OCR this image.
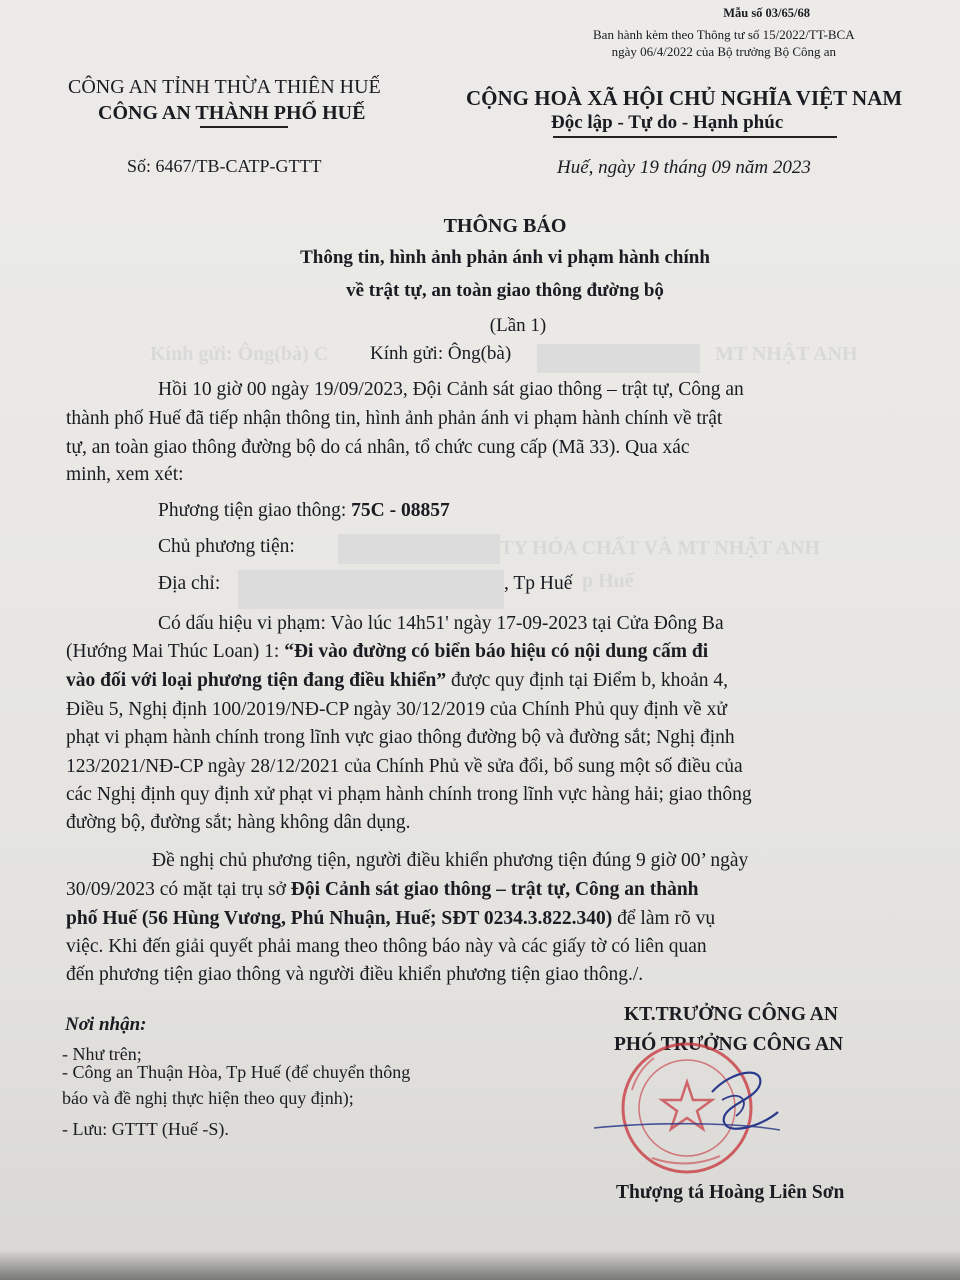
Kính gửi: Ông(bà) C	MT NHẬT ANH
TY HÓA CHẤT VÀ MT NHẬT ANH
p Huế
Mẫu số 03/65/68
Ban hành kèm theo Thông tư số 15/2022/TT-BCA
ngày 06/4/2022 của Bộ trưởng Bộ Công an
CÔNG AN TỈNH THỪA THIÊN HUẾ
CÔNG AN THÀNH PHỐ HUẾ
CỘNG HOÀ XÃ HỘI CHỦ NGHĨA VIỆT NAM
Độc lập - Tự do - Hạnh phúc
Số: 6467/TB-CATP-GTTT	Huế, ngày 19 tháng 09 năm 2023
THÔNG BÁO
Thông tin, hình ảnh phản ánh vi phạm hành chính
về trật tự, an toàn giao thông đường bộ
(Lần 1)
Kính gửi: Ông(bà)
Hồi 10 giờ 00 ngày 19/09/2023, Đội Cảnh sát giao thông – trật tự, Công an
thành phố Huế đã tiếp nhận thông tin, hình ảnh phản ánh vi phạm hành chính về trật
tự, an toàn giao thông đường bộ do cá nhân, tổ chức cung cấp (Mã 33). Qua xác
minh, xem xét:
Phương tiện giao thông: 75C - 08857
Chủ phương tiện:
Địa chỉ:	, Tp Huế
Có dấu hiệu vi phạm: Vào lúc 14h51' ngày 17-09-2023 tại Cửa Đông Ba
(Hướng Mai Thúc Loan) 1: “Đi vào đường có biển báo hiệu có nội dung cấm đi
vào đối với loại phương tiện đang điều khiển” được quy định tại Điểm b, khoản 4,
Điều 5, Nghị định 100/2019/NĐ-CP ngày 30/12/2019 của Chính Phủ quy định về xử
phạt vi phạm hành chính trong lĩnh vực giao thông đường bộ và đường sắt; Nghị định
123/2021/NĐ-CP ngày 28/12/2021 của Chính Phủ về sửa đổi, bổ sung một số điều của
các Nghị định quy định xử phạt vi phạm hành chính trong lĩnh vực hàng hải; giao thông
đường bộ, đường sắt; hàng không dân dụng.
Đề nghị chủ phương tiện, người điều khiển phương tiện đúng 9 giờ 00’ ngày
30/09/2023 có mặt tại trụ sở Đội Cảnh sát giao thông – trật tự, Công an thành
phố Huế (56 Hùng Vương, Phú Nhuận, Huế; SĐT 0234.3.822.340) để làm rõ vụ
việc. Khi đến giải quyết phải mang theo thông báo này và các giấy tờ có liên quan
đến phương tiện giao thông và người điều khiển phương tiện giao thông./.
Nơi nhận:
- Như trên;
- Công an Thuận Hòa, Tp Huế (để chuyển thông
báo và đề nghị thực hiện theo quy định);
- Lưu: GTTT (Huế -S).
KT.TRƯỞNG CÔNG AN
PHÓ TRƯỞNG CÔNG AN
Thượng tá Hoàng Liên Sơn
